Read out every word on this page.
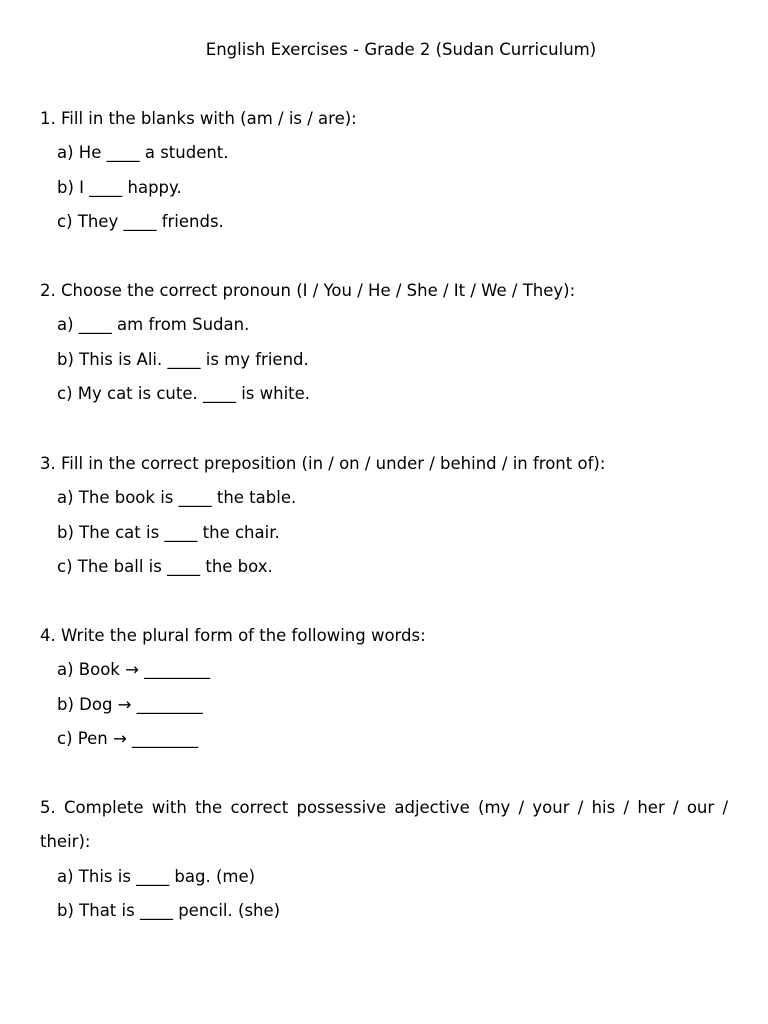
English Exercises - Grade 2 (Sudan Curriculum)
1. Fill in the blanks with (am / is / are):
a) He ____ a student.
b) I ____ happy.
c) They ____ friends.
2. Choose the correct pronoun (I / You / He / She / It / We / They):
a) ____ am from Sudan.
b) This is Ali. ____ is my friend.
c) My cat is cute. ____ is white.
3. Fill in the correct preposition (in / on / under / behind / in front of):
a) The book is ____ the table.
b) The cat is ____ the chair.
c) The ball is ____ the box.
4. Write the plural form of the following words:
a) Book → ________
b) Dog → ________
c) Pen → ________
5. Complete with the correct possessive adjective (my / your / his / her / our / their):
a) This is ____ bag. (me)
b) That is ____ pencil. (she)
